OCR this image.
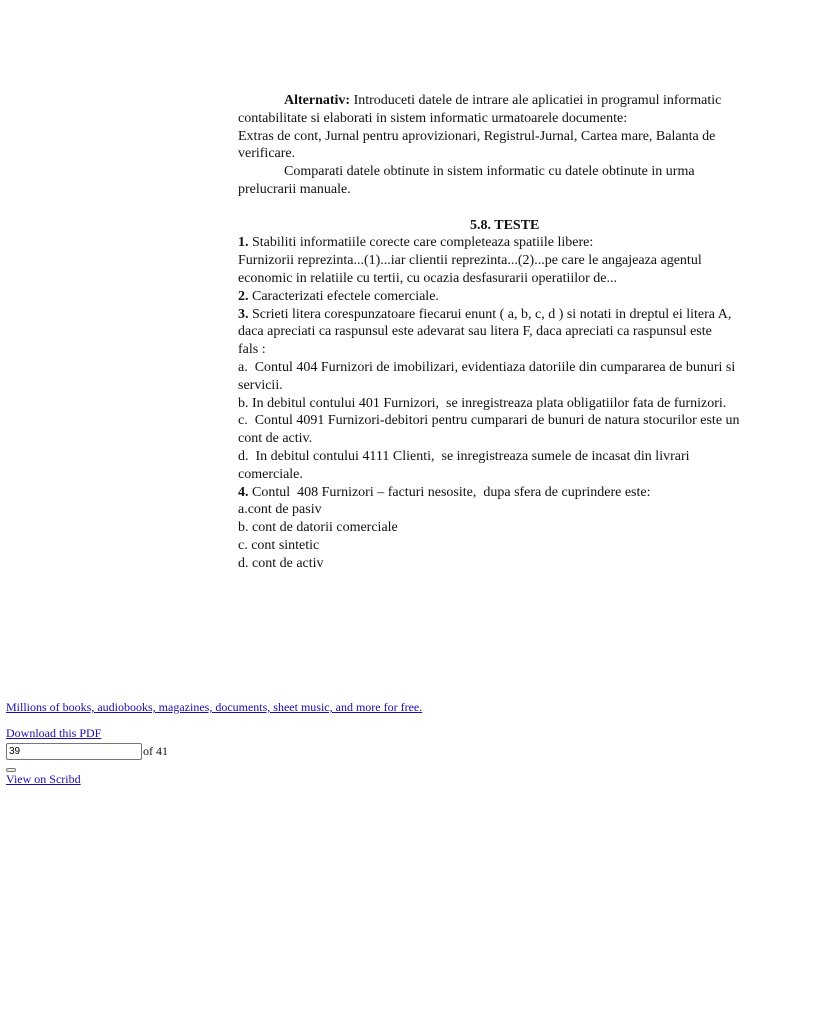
Alternativ: Introduceti datele de intrare ale aplicatiei in programul informatic
contabilitate si elaborati in sistem informatic urmatoarele documente:
Extras de cont, Jurnal pentru aprovizionari, Registrul-Jurnal, Cartea mare, Balanta de
verificare.
Comparati datele obtinute in sistem informatic cu datele obtinute in urma
prelucrarii manuale.
5.8. TESTE
1. Stabiliti informatiile corecte care completeaza spatiile libere:
Furnizorii reprezinta...(1)...iar clientii reprezinta...(2)...pe care le angajeaza agentul
economic in relatiile cu tertii, cu ocazia desfasurarii operatiilor de...
2. Caracterizati efectele comerciale.
3. Scrieti litera corespunzatoare fiecarui enunt ( a, b, c, d ) si notati in dreptul ei litera A,
daca apreciati ca raspunsul este adevarat sau litera F, daca apreciati ca raspunsul este
fals :
a.  Contul 404 Furnizori de imobilizari, evidentiaza datoriile din cumpararea de bunuri si
servicii.
b. In debitul contului 401 Furnizori,  se inregistreaza plata obligatiilor fata de furnizori.
c.  Contul 4091 Furnizori-debitori pentru cumparari de bunuri de natura stocurilor este un
cont de activ.
d.  In debitul contului 4111 Clienti,  se inregistreaza sumele de incasat din livrari
comerciale.
4. Contul  408 Furnizori – facturi nesosite,  dupa sfera de cuprindere este:
a.cont de pasiv
b. cont de datorii comerciale
c. cont sintetic
d. cont de activ
Millions of books, audiobooks, magazines, documents, sheet music, and more for free.
Download this PDF
39
of 41
View on Scribd
